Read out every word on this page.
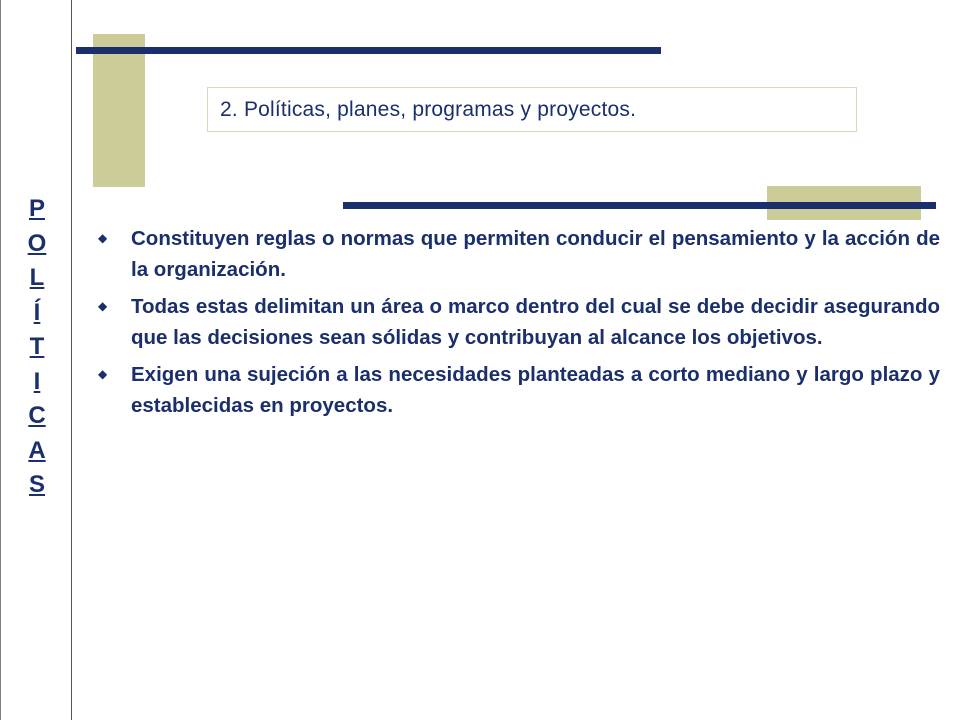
P
O
L
Í
T
I
C
A
S
2. Políticas, planes, programas y proyectos.
◆ Constituyen reglas o normas que permiten conducir el pensamiento y la acción de la organización.
◆ Todas estas delimitan un área o marco dentro del cual se debe decidir asegurando que las decisiones sean sólidas y contribuyan al alcance los objetivos.
◆ Exigen una sujeción a las necesidades planteadas a corto mediano y largo plazo y establecidas en proyectos.
